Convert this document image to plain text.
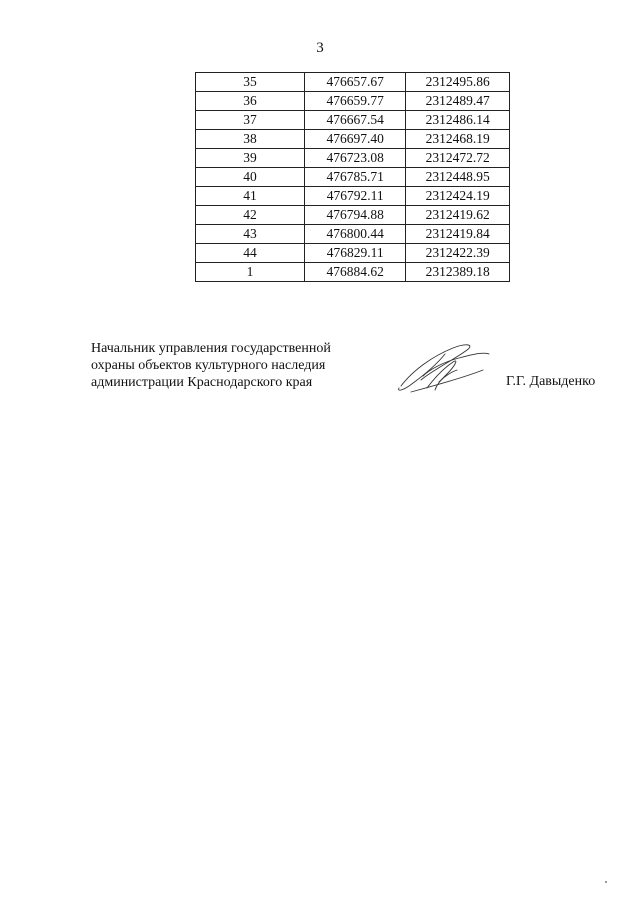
3
35	476657.67	2312495.86
36	476659.77	2312489.47
37	476667.54	2312486.14
38	476697.40	2312468.19
39	476723.08	2312472.72
40	476785.71	2312448.95
41	476792.11	2312424.19
42	476794.88	2312419.62
43	476800.44	2312419.84
44	476829.11	2312422.39
1	476884.62	2312389.18
Начальник управления государственной
охраны объектов культурного наследия
администрации Краснодарского края	Г.Г. Давыденко
